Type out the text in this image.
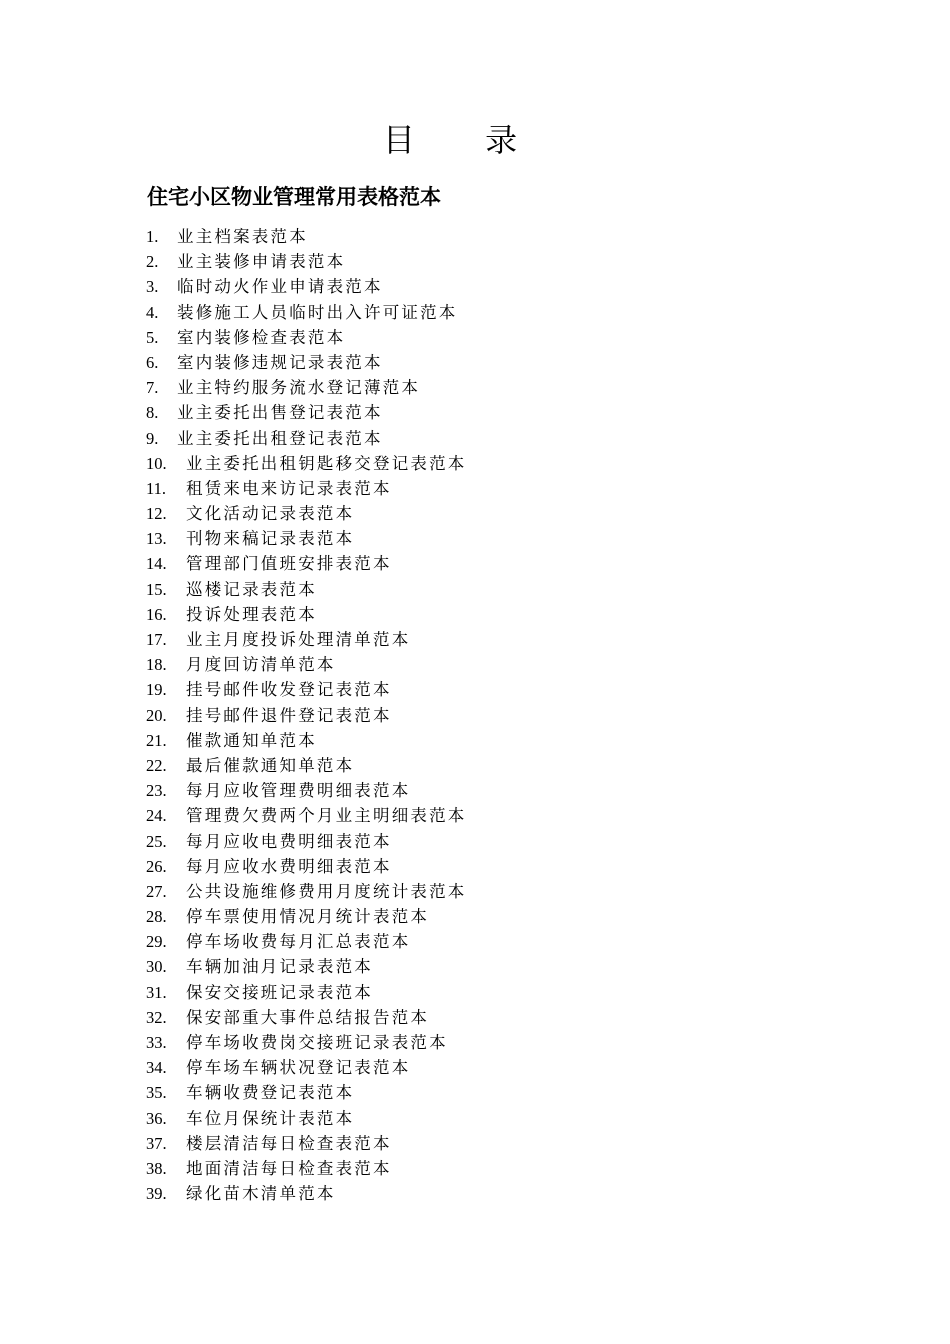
目 录
住宅小区物业管理常用表格范本
1.	业主档案表范本
2.	业主装修申请表范本
3.	临时动火作业申请表范本
4.	装修施工人员临时出入许可证范本
5.	室内装修检查表范本
6.	室内装修违规记录表范本
7.	业主特约服务流水登记薄范本
8.	业主委托出售登记表范本
9.	业主委托出租登记表范本
10.	业主委托出租钥匙移交登记表范本
11.	租赁来电来访记录表范本
12.	文化活动记录表范本
13.	刊物来稿记录表范本
14.	管理部门值班安排表范本
15.	巡楼记录表范本
16.	投诉处理表范本
17.	业主月度投诉处理清单范本
18.	月度回访清单范本
19.	挂号邮件收发登记表范本
20.	挂号邮件退件登记表范本
21.	催款通知单范本
22.	最后催款通知单范本
23.	每月应收管理费明细表范本
24.	管理费欠费两个月业主明细表范本
25.	每月应收电费明细表范本
26.	每月应收水费明细表范本
27.	公共设施维修费用月度统计表范本
28.	停车票使用情况月统计表范本
29.	停车场收费每月汇总表范本
30.	车辆加油月记录表范本
31.	保安交接班记录表范本
32.	保安部重大事件总结报告范本
33.	停车场收费岗交接班记录表范本
34.	停车场车辆状况登记表范本
35.	车辆收费登记表范本
36.	车位月保统计表范本
37.	楼层清洁每日检查表范本
38.	地面清洁每日检查表范本
39.	绿化苗木清单范本
